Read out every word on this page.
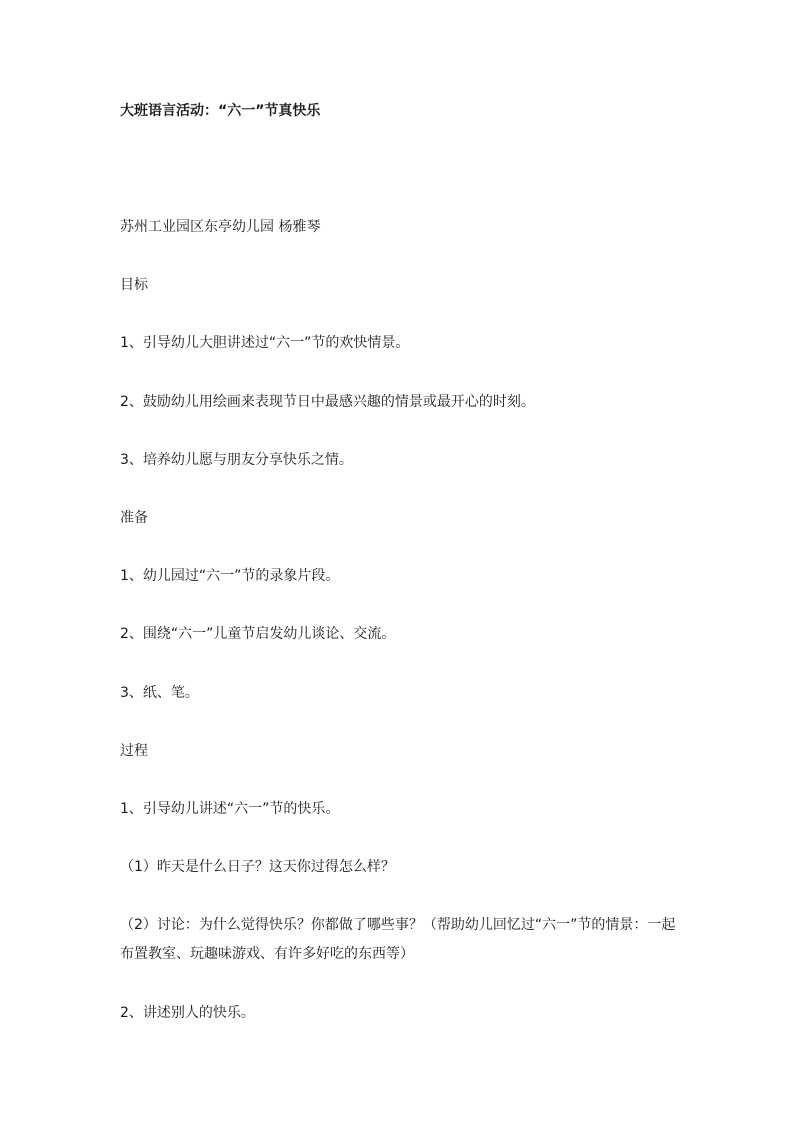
大班语言活动：“六一”节真快乐
苏州工业园区东亭幼儿园 杨雅琴
目标
1、引导幼儿大胆讲述过“六一”节的欢快情景。
2、鼓励幼儿用绘画来表现节日中最感兴趣的情景或最开心的时刻。
3、培养幼儿愿与朋友分享快乐之情。
准备
1、幼儿园过“六一”节的录象片段。
2、围绕“六一”儿童节启发幼儿谈论、交流。
3、纸、笔。
过程
1、引导幼儿讲述“六一”节的快乐。
（1）昨天是什么日子？这天你过得怎么样？
（2）讨论：为什么觉得快乐？你都做了哪些事？（帮助幼儿回忆过“六一”节的情景：一起布置教室、玩趣味游戏、有许多好吃的东西等）
2、讲述别人的快乐。
